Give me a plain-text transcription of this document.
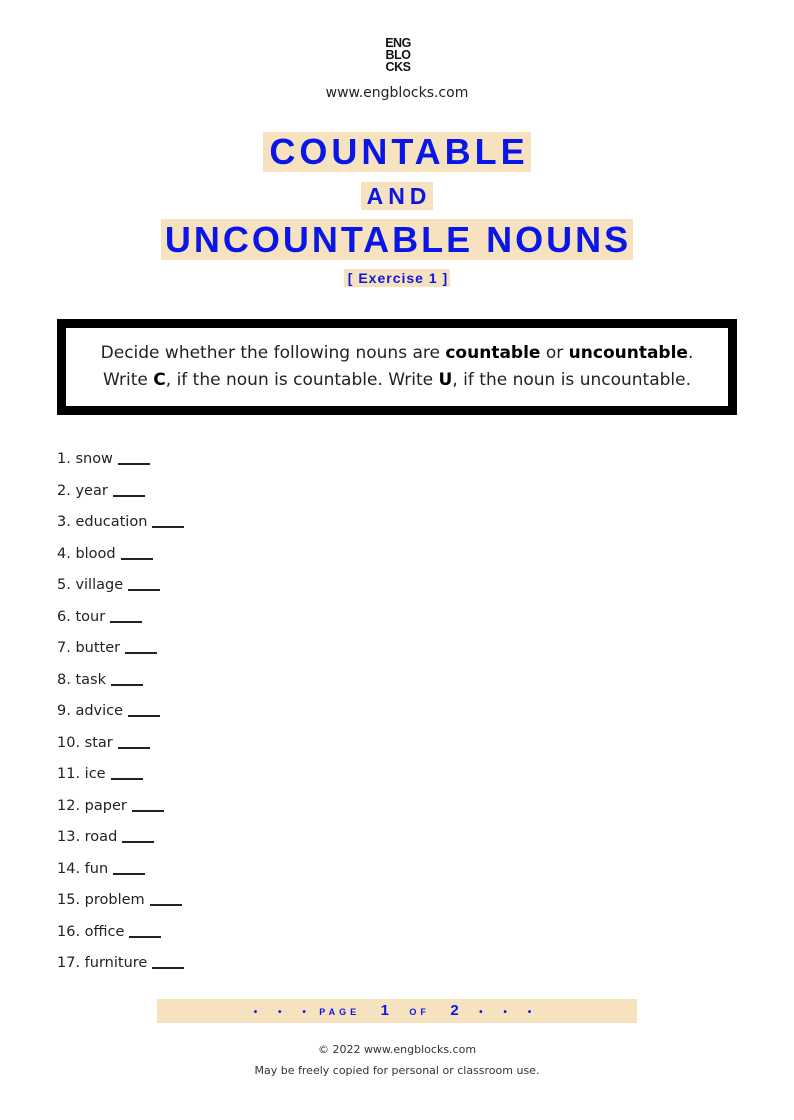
ENG
BLO
CKS
www.engblocks.com
COUNTABLE
AND
UNCOUNTABLE NOUNS
[ Exercise 1 ]
Decide whether the following nouns are countable or uncountable.
Write C, if the noun is countable. Write U, if the noun is uncountable.
1. snow
2. year
3. education
4. blood
5. village
6. tour
7. butter
8. task
9. advice
10. star
11. ice
12. paper
13. road
14. fun
15. problem
16. office
17. furniture
• • • PAGE 1 OF 2 • • •
© 2022 www.engblocks.com
May be freely copied for personal or classroom use.
